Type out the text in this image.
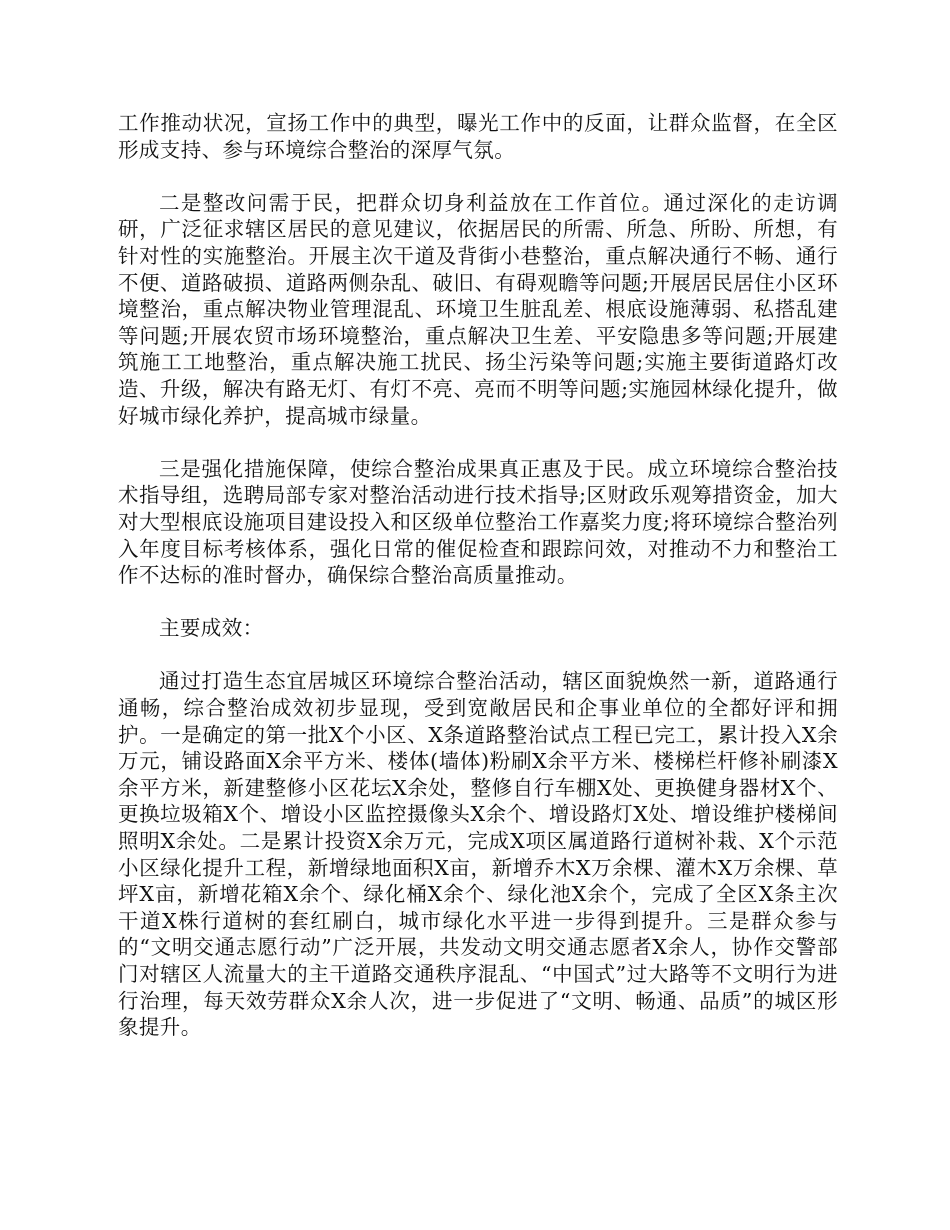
工作推动状况，宣扬工作中的典型，曝光工作中的反面，让群众监督，在全区形成支持、参与环境综合整治的深厚气氛。

二是整改问需于民，把群众切身利益放在工作首位。通过深化的走访调研，广泛征求辖区居民的意见建议，依据居民的所需、所急、所盼、所想，有针对性的实施整治。开展主次干道及背街小巷整治，重点解决通行不畅、通行不便、道路破损、道路两侧杂乱、破旧、有碍观瞻等问题;开展居民居住小区环境整治，重点解决物业管理混乱、环境卫生脏乱差、根底设施薄弱、私搭乱建等问题;开展农贸市场环境整治，重点解决卫生差、平安隐患多等问题;开展建筑施工工地整治，重点解决施工扰民、扬尘污染等问题;实施主要街道路灯改造、升级，解决有路无灯、有灯不亮、亮而不明等问题;实施园林绿化提升，做好城市绿化养护，提高城市绿量。

三是强化措施保障，使综合整治成果真正惠及于民。成立环境综合整治技术指导组，选聘局部专家对整治活动进行技术指导;区财政乐观筹措资金，加大对大型根底设施项目建设投入和区级单位整治工作嘉奖力度;将环境综合整治列入年度目标考核体系，强化日常的催促检查和跟踪问效，对推动不力和整治工作不达标的准时督办，确保综合整治高质量推动。

主要成效：

通过打造生态宜居城区环境综合整治活动，辖区面貌焕然一新，道路通行通畅，综合整治成效初步显现，受到宽敞居民和企事业单位的全都好评和拥护。一是确定的第一批X个小区、X条道路整治试点工程已完工，累计投入X余万元，铺设路面X余平方米、楼体(墙体)粉刷X余平方米、楼梯栏杆修补刷漆X余平方米，新建整修小区花坛X余处，整修自行车棚X处、更换健身器材X个、更换垃圾箱X个、增设小区监控摄像头X余个、增设路灯X处、增设维护楼梯间照明X余处。二是累计投资X余万元，完成X项区属道路行道树补栽、X个示范小区绿化提升工程，新增绿地面积X亩，新增乔木X万余棵、灌木X万余棵、草坪X亩，新增花箱X余个、绿化桶X余个、绿化池X余个，完成了全区X条主次干道X株行道树的套红刷白，城市绿化水平进一步得到提升。三是群众参与的“文明交通志愿行动”广泛开展，共发动文明交通志愿者X余人，协作交警部门对辖区人流量大的主干道路交通秩序混乱、“中国式”过大路等不文明行为进行治理，每天效劳群众X余人次，进一步促进了“文明、畅通、品质”的城区形象提升。
